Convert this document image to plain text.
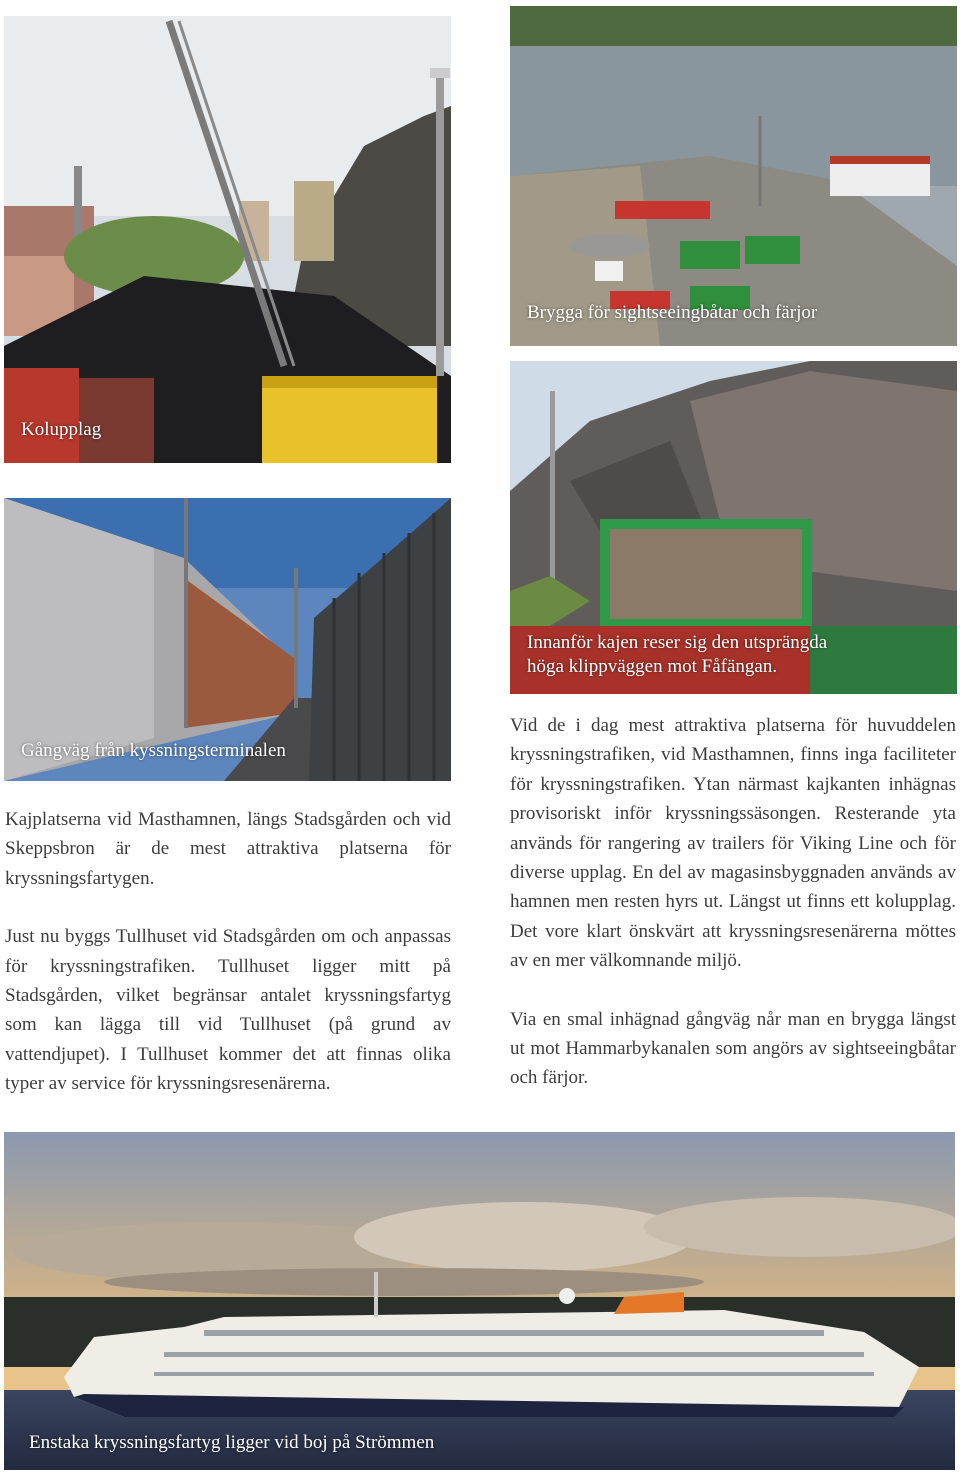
Kolupplag
Brygga för sightseeingbåtar och färjor
Gångväg från kyssningsterminalen
Innanför kajen reser sig den utsprängda
höga klippväggen mot Fåfängan.

Kajplatserna vid Masthamnen, längs Stadsgården och vid Skeppsbron är de mest attraktiva platserna för kryssningsfartygen.

Just nu byggs Tullhuset vid Stadsgården om och anpassas för kryssningstrafiken. Tullhuset ligger mitt på Stadsgården, vilket begränsar antalet kryssningsfartyg som kan lägga till vid Tullhuset (på grund av vattendjupet). I Tullhuset kommer det att finnas olika typer av service för kryssningsresenärerna.

Vid de i dag mest attraktiva platserna för huvuddelen kryssningstrafiken, vid Masthamnen, finns inga faciliteter för kryssningstrafiken. Ytan närmast kajkanten inhägnas provisoriskt inför kryssningssäsongen. Resterande yta används för rangering av trailers för Viking Line och för diverse upplag. En del av magasinsbyggnaden används av hamnen men resten hyrs ut. Längst ut finns ett kolupplag. Det vore klart önskvärt att kryssningsresenärerna möttes av en mer välkomnande miljö.

Via en smal inhägnad gångväg når man en brygga längst ut mot Hammarbykanalen som angörs av sightseeingbåtar och färjor.

Enstaka kryssningsfartyg ligger vid boj på Strömmen
